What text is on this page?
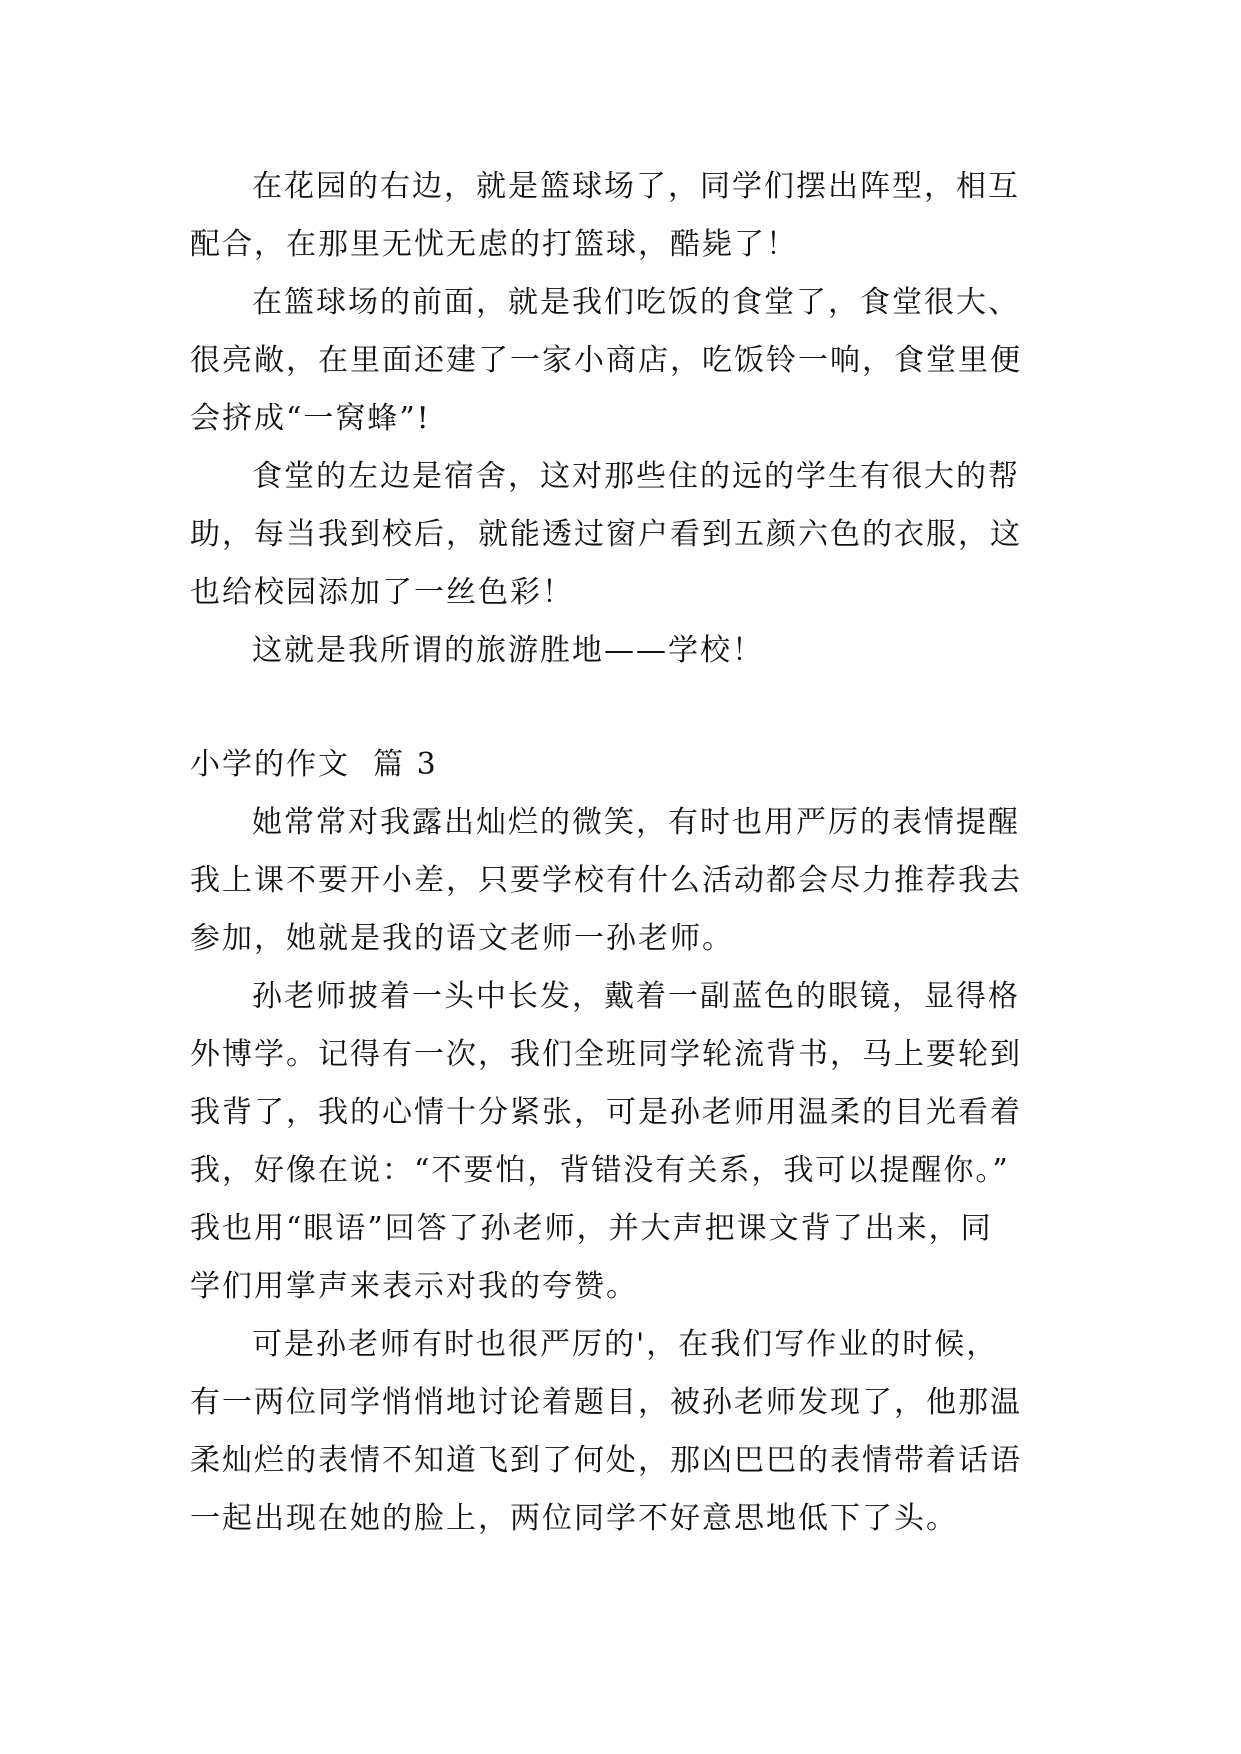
在花园的右边，就是篮球场了，同学们摆出阵型，相互
配合，在那里无忧无虑的打篮球，酷毙了！
在篮球场的前面，就是我们吃饭的食堂了，食堂很大、
很亮敞，在里面还建了一家小商店，吃饭铃一响，食堂里便
会挤成“一窝蜂”!
食堂的左边是宿舍，这对那些住的远的学生有很大的帮
助，每当我到校后，就能透过窗户看到五颜六色的衣服，这
也给校园添加了一丝色彩！
这就是我所谓的旅游胜地——学校！
小学的作文  篇 3
她常常对我露出灿烂的微笑，有时也用严厉的表情提醒
我上课不要开小差，只要学校有什么活动都会尽力推荐我去
参加，她就是我的语文老师一孙老师。
孙老师披着一头中长发，戴着一副蓝色的眼镜，显得格
外博学。记得有一次，我们全班同学轮流背书，马上要轮到
我背了，我的心情十分紧张，可是孙老师用温柔的目光看着
我，好像在说：“不要怕，背错没有关系，我可以提醒你。”
我也用“眼语”回答了孙老师，并大声把课文背了出来，同
学们用掌声来表示对我的夸赞。
可是孙老师有时也很严厉的'，在我们写作业的时候，
有一两位同学悄悄地讨论着题目，被孙老师发现了，他那温
柔灿烂的表情不知道飞到了何处，那凶巴巴的表情带着话语
一起出现在她的脸上，两位同学不好意思地低下了头。
